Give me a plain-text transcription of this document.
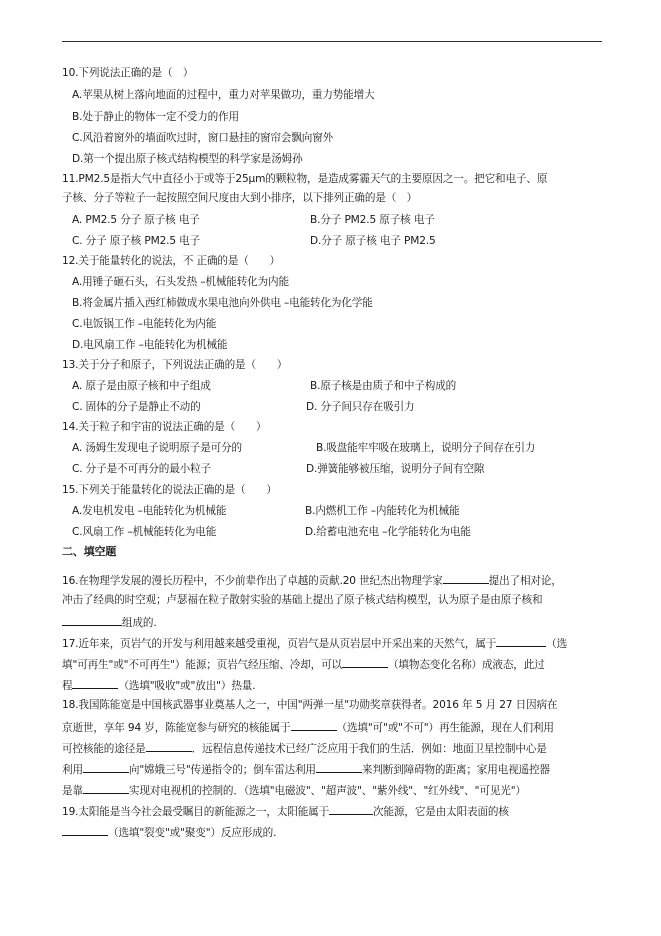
10.下列说法正确的是（　）
A.苹果从树上落向地面的过程中，重力对苹果做功，重力势能增大
B.处于静止的物体一定不受力的作用
C.风沿着窗外的墙面吹过时，窗口悬挂的窗帘会飘向窗外
D.第一个提出原子核式结构模型的科学家是汤姆孙
11.PM2.5是指大气中直径小于或等于25μm的颗粒物，是造成雾霾天气的主要原因之一。把它和电子、原
子核、分子等粒子一起按照空间尺度由大到小排序，以下排列正确的是（　）
A. PM2.5 分子 原子核 电子	B.分子 PM2.5 原子核 电子
C. 分子 原子核 PM2.5 电子	D.分子 原子核 电子 PM2.5
12.关于能量转化的说法，不 正确的是（　　）
A.用锤子砸石头，石头发热 –机械能转化为内能
B.将金属片插入西红柿做成水果电池向外供电 –电能转化为化学能
C.电饭锅工作 –电能转化为内能
D.电风扇工作 –电能转化为机械能
13.关于分子和原子，下列说法正确的是（　　）
A. 原子是由原子核和中子组成	B.原子核是由质子和中子构成的
C. 固体的分子是静止不动的	D. 分子间只存在吸引力
14.关于粒子和宇宙的说法正确的是（　　）
A. 汤姆生发现电子说明原子是可分的	B.吸盘能牢牢吸在玻璃上，说明分子间存在引力
C. 分子是不可再分的最小粒子	D.弹簧能够被压缩，说明分子间有空隙
15.下列关于能量转化的说法正确的是（　　）
A.发电机发电 –电能转化为机械能	B.内燃机工作 –内能转化为机械能
C.风扇工作 –机械能转化为电能	D.给蓄电池充电 –化学能转化为电能
二、填空题
16.在物理学发展的漫长历程中，不少前辈作出了卓越的贡献.20 世纪杰出物理学家	提出了相对论，
冲击了经典的时空观；卢瑟福在粒子散射实验的基础上提出了原子核式结构模型，认为原子是由原子核和
组成的.
17.近年来，页岩气的开发与利用越来越受重视，页岩气是从页岩层中开采出来的天然气，属于	（选
填"可再生"或"不可再生"）能源；页岩气经压缩、冷却，可以	（填物态变化名称）成液态，此过
程	（选填"吸收"或"放出"）热量.
18.我国陈能宽是中国核武器事业奠基人之一，中国"两弹一星"功勋奖章获得者。2016 年 5 月 27 日因病在
京逝世，享年 94 岁，陈能宽参与研究的核能属于	（选填"可"或"不可"）再生能源，现在人们利用
可控核能的途径是	．远程信息传递技术已经广泛应用于我们的生活．例如：地面卫星控制中心是
利用	向"嫦娥三号"传递指令的；倒车雷达利用	来判断到障碍物的距离；家用电视遥控器
是靠	实现对电视机的控制的．（选填"电磁波"、"超声波"、"紫外线"、"红外线"、"可见光"）
19.太阳能是当今社会最受瞩目的新能源之一，太阳能属于	次能源，它是由太阳表面的核
（选填"裂变"或"聚变"）反应形成的.
